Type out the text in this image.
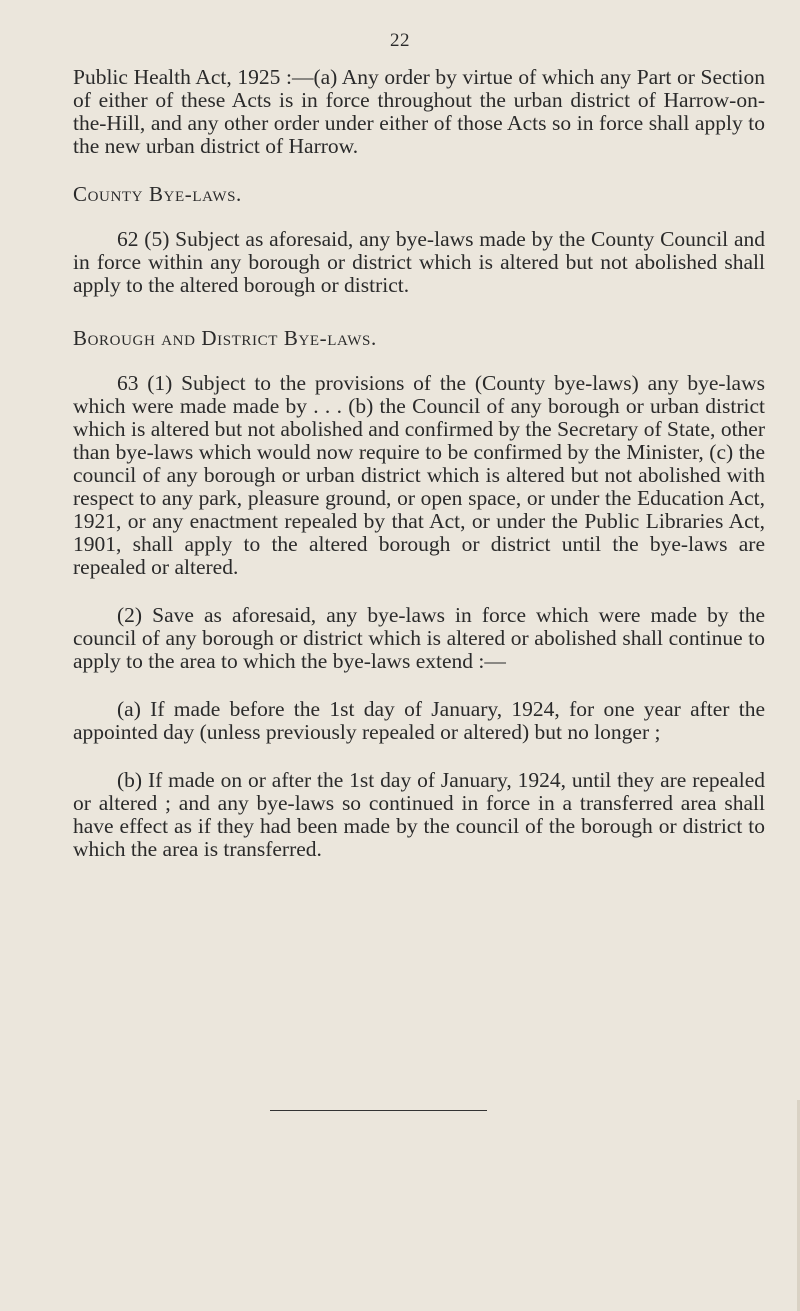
22

Public Health Act, 1925 :—(a) Any order by virtue of which any Part or Section of either of these Acts is in force throughout the urban district of Harrow-on-the-Hill, and any other order under either of those Acts so in force shall apply to the new urban district of Harrow.

County Bye-laws.

62 (5) Subject as aforesaid, any bye-laws made by the County Council and in force within any borough or district which is altered but not abolished shall apply to the altered borough or district.

Borough and District Bye-laws.

63 (1) Subject to the provisions of the (County bye-laws) any bye-laws which were made made by . . . (b) the Council of any borough or urban district which is altered but not abolished and confirmed by the Secretary of State, other than bye-laws which would now require to be confirmed by the Minister, (c) the council of any borough or urban district which is altered but not abolished with respect to any park, pleasure ground, or open space, or under the Education Act, 1921, or any enactment repealed by that Act, or under the Public Libraries Act, 1901, shall apply to the altered borough or district until the bye-laws are repealed or altered.

(2) Save as aforesaid, any bye-laws in force which were made by the council of any borough or district which is altered or abolished shall continue to apply to the area to which the bye-laws extend :—

(a) If made before the 1st day of January, 1924, for one year after the appointed day (unless previously repealed or altered) but no longer ;

(b) If made on or after the 1st day of January, 1924, until they are repealed or altered ; and any bye-laws so continued in force in a transferred area shall have effect as if they had been made by the council of the borough or district to which the area is transferred.
